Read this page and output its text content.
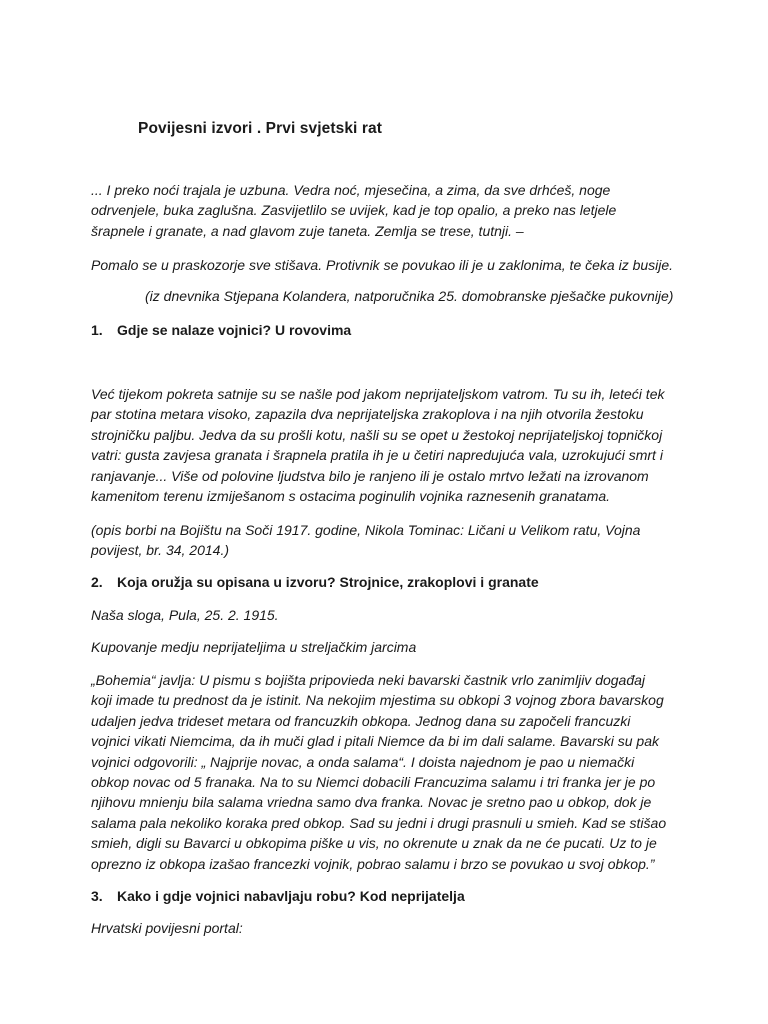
Povijesni izvori . Prvi svjetski rat

... I preko noći trajala je uzbuna. Vedra noć, mjesečina, a zima, da sve drhćeš, noge
odrvenjele, buka zaglušna. Zasvijetlilo se uvijek, kad je top opalio, a preko nas letjele
šrapnele i granate, a nad glavom zuje taneta. Zemlja se trese, tutnji. –

Pomalo se u praskozorje sve stišava. Protivnik se povukao ili je u zaklonima, te čeka iz busije.

(iz dnevnika Stjepana Kolandera, natporučnika 25. domobranske pješačke pukovnije)

1. Gdje se nalaze vojnici? U rovovima

Već tijekom pokreta satnije su se našle pod jakom neprijateljskom vatrom. Tu su ih, leteći tek
par stotina metara visoko, zapazila dva neprijateljska zrakoplova i na njih otvorila žestoku
strojničku paljbu. Jedva da su prošli kotu, našli su se opet u žestokoj neprijateljskoj topničkoj
vatri: gusta zavjesa granata i šrapnela pratila ih je u četiri napredujuća vala, uzrokujući smrt i
ranjavanje... Više od polovine ljudstva bilo je ranjeno ili je ostalo mrtvo ležati na izrovanom
kamenitom terenu izmiješanom s ostacima poginulih vojnika raznesenih granatama.

(opis borbi na Bojištu na Soči 1917. godine, Nikola Tominac: Ličani u Velikom ratu, Vojna
povijest, br. 34, 2014.)

2. Koja oružja su opisana u izvoru? Strojnice, zrakoplovi i granate

Naša sloga, Pula, 25. 2. 1915.

Kupovanje medju neprijateljima u streljačkim jarcima

„Bohemia“ javlja: U pismu s bojišta pripovieda neki bavarski častnik vrlo zanimljiv događaj
koji imade tu prednost da je istinit. Na nekojim mjestima su obkopi 3 vojnog zbora bavarskog
udaljen jedva trideset metara od francuzkih obkopa. Jednog dana su započeli francuzki
vojnici vikati Niemcima, da ih muči glad i pitali Niemce da bi im dali salame. Bavarski su pak
vojnici odgovorili: „ Najprije novac, a onda salama“. I doista najednom je pao u niemački
obkop novac od 5 franaka. Na to su Niemci dobacili Francuzima salamu i tri franka jer je po
njihovu mnienju bila salama vriedna samo dva franka. Novac je sretno pao u obkop, dok je
salama pala nekoliko koraka pred obkop. Sad su jedni i drugi prasnuli u smieh. Kad se stišao
smieh, digli su Bavarci u obkopima piške u vis, no okrenute u znak da ne će pucati. Uz to je
oprezno iz obkopa izašao francezki vojnik, pobrao salamu i brzo se povukao u svoj obkop.”

3. Kako i gdje vojnici nabavljaju robu? Kod neprijatelja

Hrvatski povijesni portal:
